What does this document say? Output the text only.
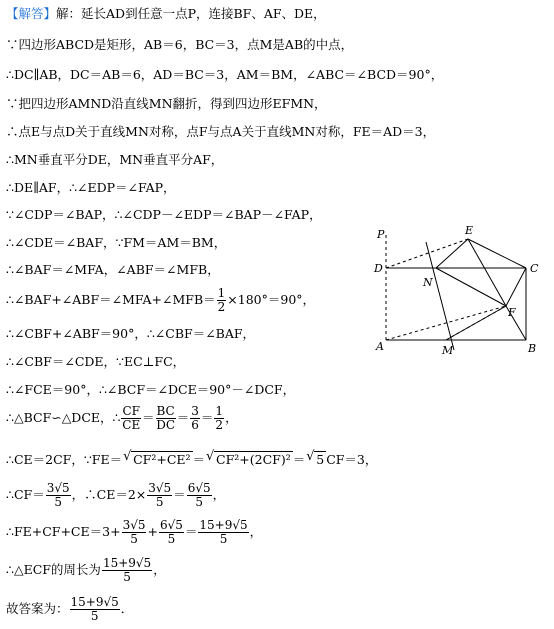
【解答】解：延长AD到任意一点P，连接BF、AF、DE，
∵四边形ABCD是矩形，AB＝6，BC＝3，点M是AB的中点，
∴DC∥AB，DC＝AB＝6，AD＝BC＝3，AM＝BM，∠ABC＝∠BCD＝90°，
∵把四边形AMND沿直线MN翻折，得到四边形EFMN，
∴点E与点D关于直线MN对称，点F与点A关于直线MN对称，FE＝AD＝3，
∴MN垂直平分DE，MN垂直平分AF，
∴DE∥AF，∴∠EDP＝∠FAP，
∵∠CDP＝∠BAP，∴∠CDP－∠EDP＝∠BAP－∠FAP，
∴∠CDE＝∠BAF，∵FM＝AM＝BM，
∴∠BAF＝∠MFA，∠ABF＝∠MFB，
∴∠BAF+∠ABF＝∠MFA+∠MFB＝ $\frac{1}{2} \times 180^\circ=90^\circ$，
∴∠CBF+∠ABF＝90°，∴∠CBF＝∠BAF，
∴∠CBF＝∠CDE，∵EC⊥FC，
∴∠FCE＝90°，∴∠BCF＝∠DCE＝90°－∠DCF，
∴△BCF∽△DCE，∴ $\frac{CF}{CE} = \frac{BC}{DC} = \frac{3}{6} = \frac{1}{2}$ ，
∴CE＝2CF，∵FE＝ √ CF²+CE² ＝ √ CF²+(2CF)² ＝ √ 5 CF＝3，
∴CF＝ $\frac{3√5}{5}$ ，∴CE＝2× $\frac{3√5}{5} = \frac{6√5}{5}$ ，
∴FE+CF+CE＝3+ $\frac{3√5}{5} + \frac{6√5}{5} = \frac{15+9√5}{5}$ ，
∴△ECF的周长为 $\frac{15+9√5}{5}$ ，
故答案为： $\frac{15+9√5}{5}$ ．
P	E
D
N
C
F
A	M	B
